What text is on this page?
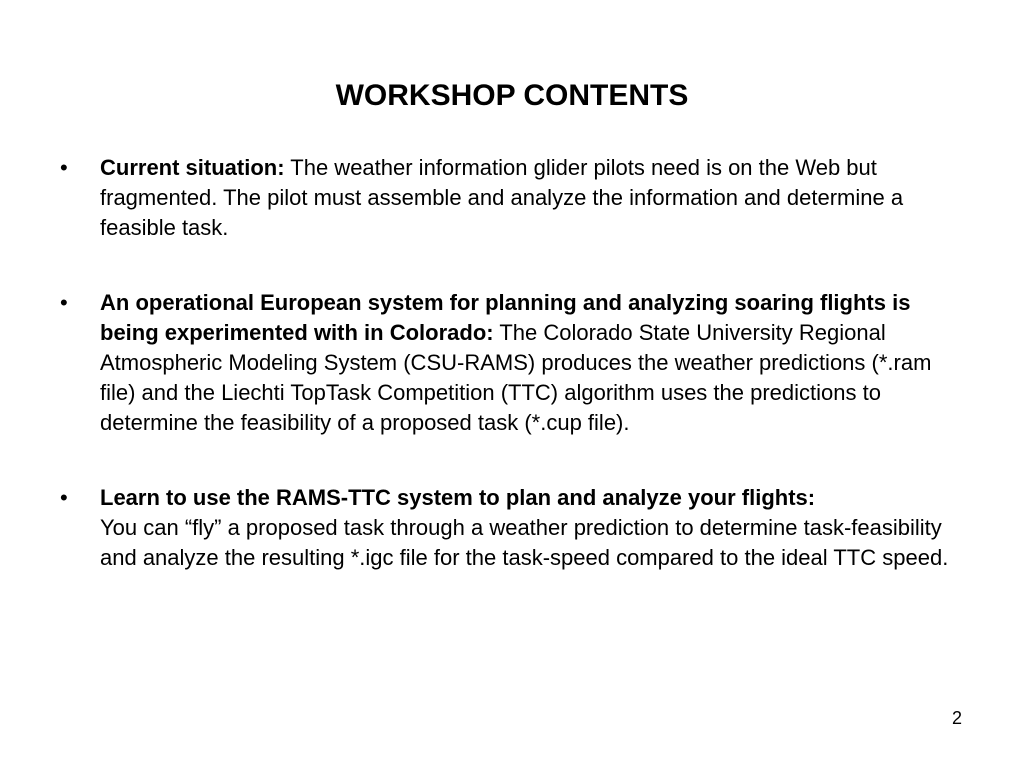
WORKSHOP CONTENTS
• Current situation: The weather information glider pilots need is on the Web but fragmented. The pilot must assemble and analyze the information and determine a feasible task.
• An operational European system for planning and analyzing soaring flights is being experimented with in Colorado: The Colorado State University Regional Atmospheric Modeling System (CSU-RAMS) produces the weather predictions (*.ram file) and the Liechti TopTask Competition (TTC) algorithm uses the predictions to determine the feasibility of a proposed task (*.cup file).
• Learn to use the RAMS-TTC system to plan and analyze your flights:
You can “fly” a proposed task through a weather prediction to determine task-feasibility and analyze the resulting *.igc file for the task-speed compared to the ideal TTC speed.
2
